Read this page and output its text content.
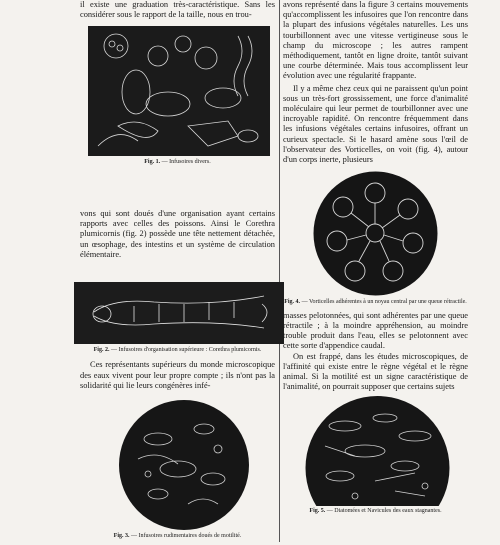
il existe une graduation très-caractéristique. Sans les considérer sous le rapport de la taille, nous en trou-

Fig. 1. — Infusoires divers.

vons qui sont doués d'une organisation ayant certains rapports avec celles des poissons. Ainsi le Corethra plumicornis (fig. 2) possède une tête nettement détachée, un œsophage, des intestins et un système de circulation élémentaire.

Fig. 2. — Infusoires d'organisation supérieure : Corethra plumicornis.

Ces représentants supérieurs du monde microscopique des eaux vivent pour leur propre compte ; ils n'ont pas la solidarité qui lie leurs congénères infé-

Fig. 3. — Infusoires rudimentaires doués de motilité.

avons représenté dans la figure 3 certains mouvements qu'accomplissent les infusoires que l'on rencontre dans la plupart des infusions végétales naturelles. Les uns tourbillonnent avec une vitesse vertigineuse sous le champ du microscope ; les autres rampent méthodiquement, tantôt en ligne droite, tantôt suivant une courbe déterminée. Mais tous accomplissent leur évolution avec une régularité frappante.

Il y a même chez ceux qui ne paraissent qu'un point sous un très-fort grossissement, une force d'animalité moléculaire qui leur permet de tourbillonner avec une incroyable rapidité. On rencontre fréquemment dans les infusions végétales certains infusoires, offrant un curieux spectacle. Si le hasard amène sous l'œil de l'observateur des Vorticelles, on voit (fig. 4), autour d'un corps inerte, plusieurs

Fig. 4. — Vorticelles adhérentes à un noyau central par une queue rétractile.

masses pelotonnées, qui sont adhérentes par une queue rétractile ; à la moindre appréhension, au moindre trouble produit dans l'eau, elles se pelotonnent avec cette sorte d'appendice caudal.

On est frappé, dans les études microscopiques, de l'affinité qui existe entre le règne végétal et le règne animal. Si la motilité est un signe caractéristique de l'animalité, on pourrait supposer que certains sujets

Fig. 5. — Diatomées et Navicules des eaux stagnantes.
